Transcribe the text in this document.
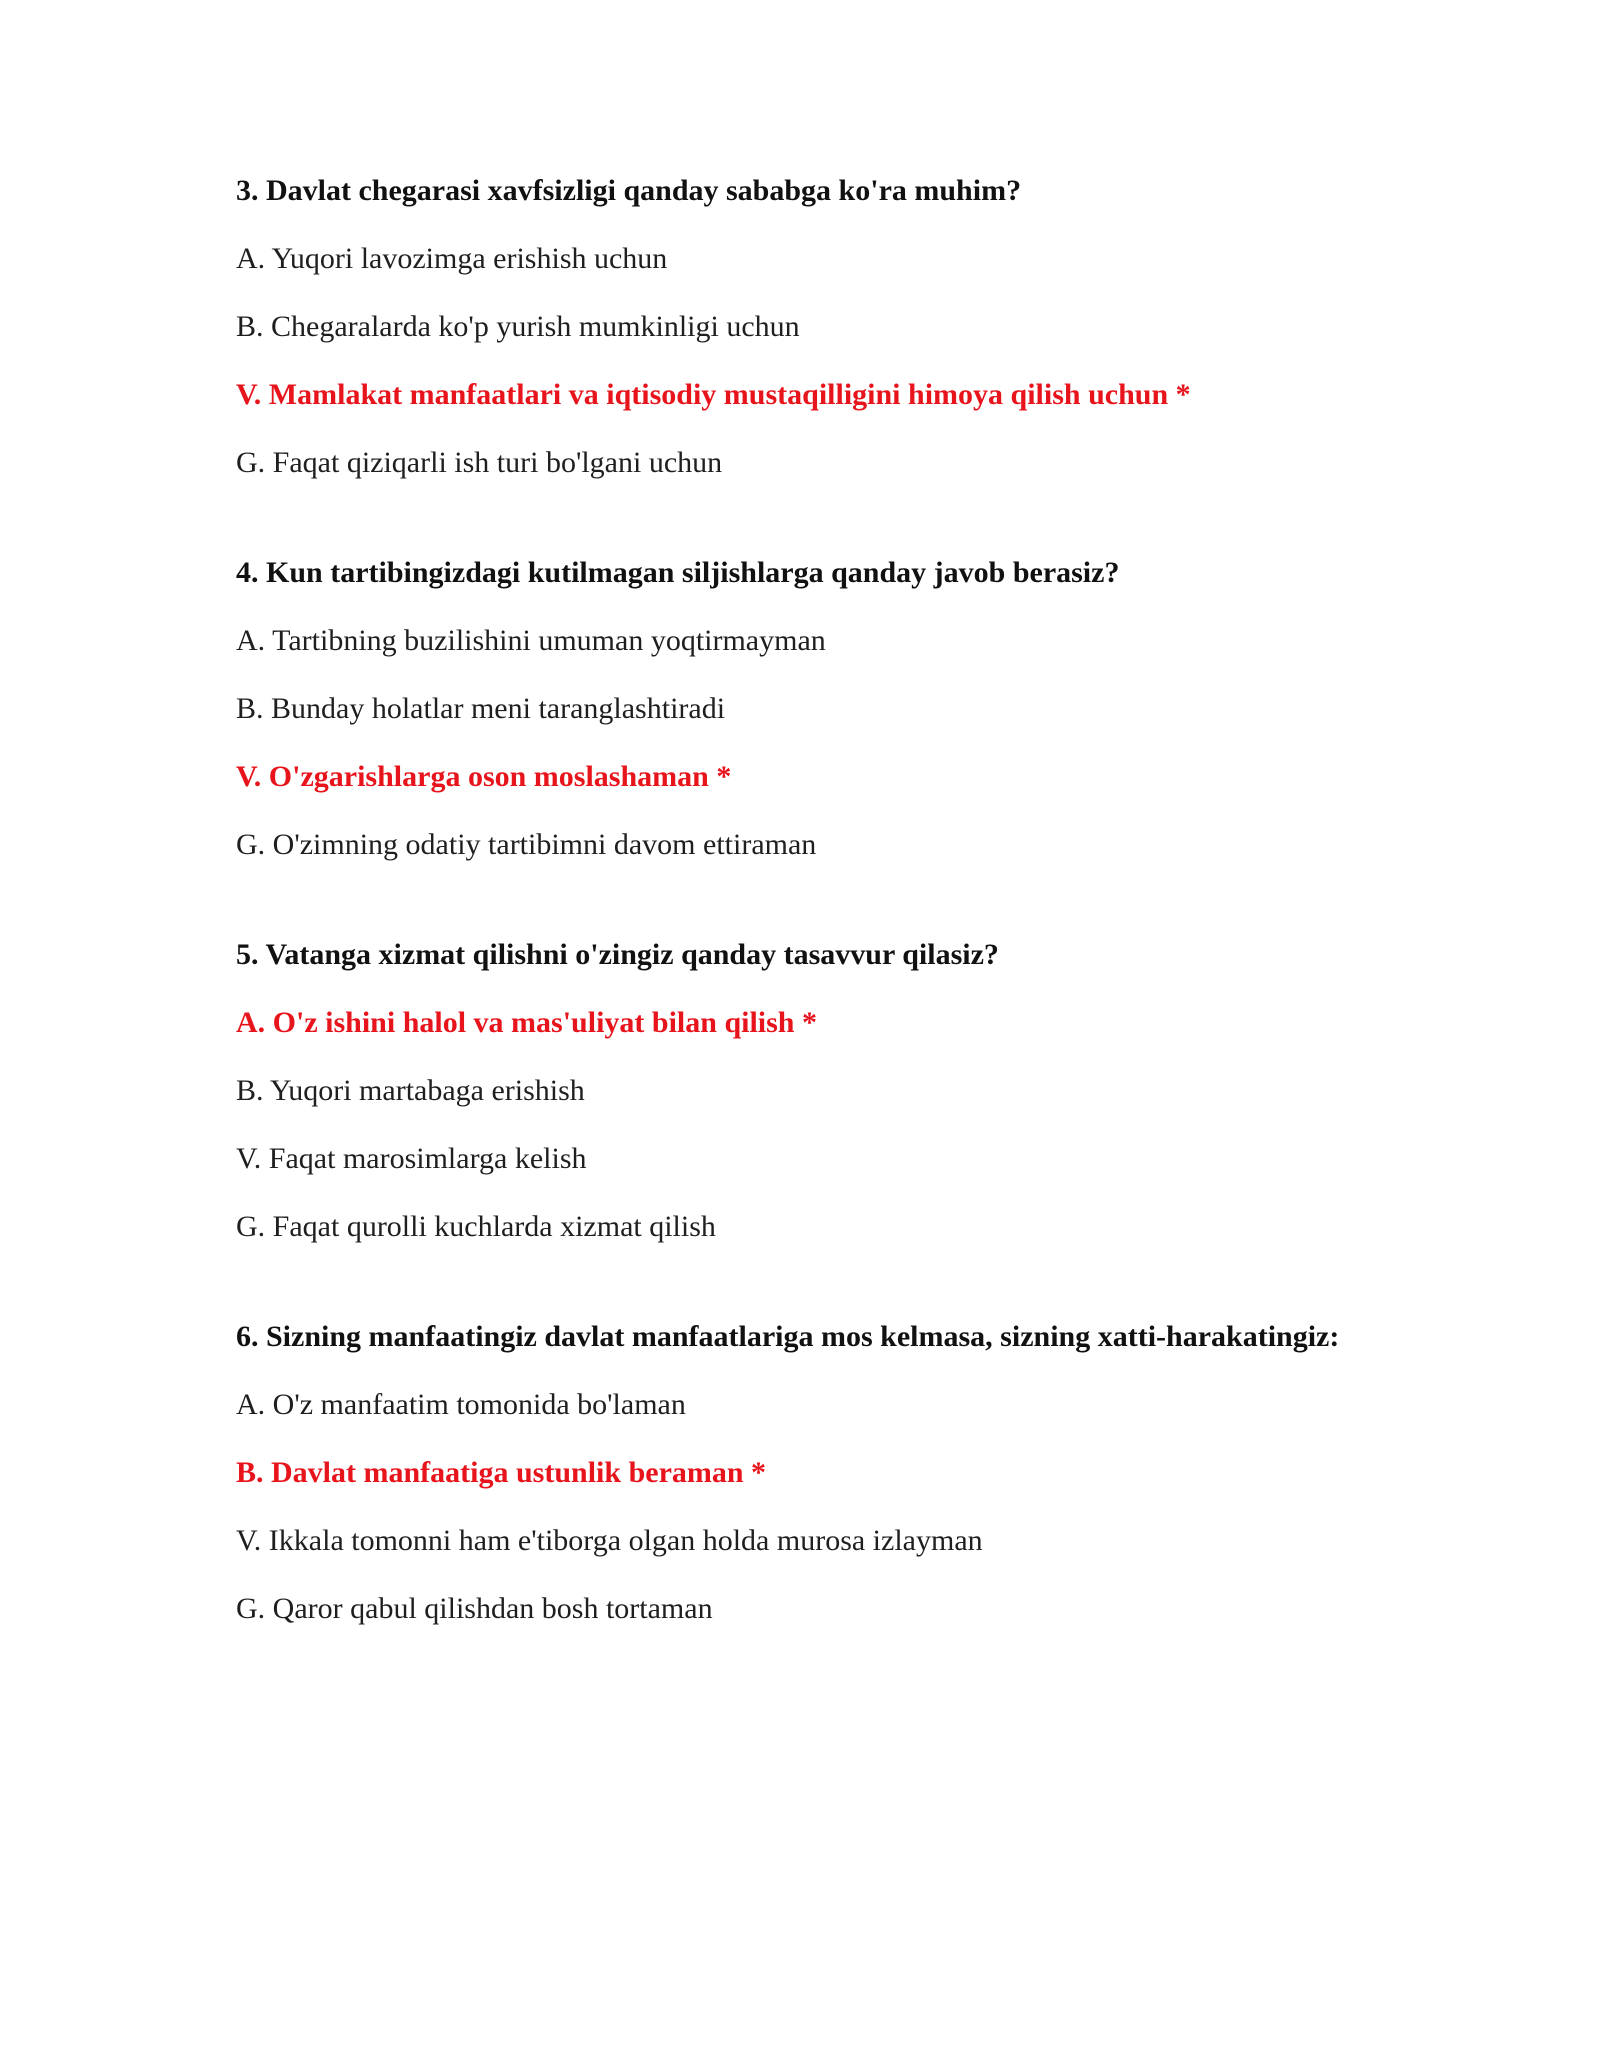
3. Davlat chegarasi xavfsizligi qanday sababga ko'ra muhim?

A. Yuqori lavozimga erishish uchun

B. Chegaralarda ko'p yurish mumkinligi uchun

V. Mamlakat manfaatlari va iqtisodiy mustaqilligini himoya qilish uchun *

G. Faqat qiziqarli ish turi bo'lgani uchun

4. Kun tartibingizdagi kutilmagan siljishlarga qanday javob berasiz?

A. Tartibning buzilishini umuman yoqtirmayman

B. Bunday holatlar meni taranglashtiradi

V. O'zgarishlarga oson moslashaman *

G. O'zimning odatiy tartibimni davom ettiraman

5. Vatanga xizmat qilishni o'zingiz qanday tasavvur qilasiz?

A. O'z ishini halol va mas'uliyat bilan qilish *

B. Yuqori martabaga erishish

V. Faqat marosimlarga kelish

G. Faqat qurolli kuchlarda xizmat qilish

6. Sizning manfaatingiz davlat manfaatlariga mos kelmasa, sizning xatti-harakatingiz:

A. O'z manfaatim tomonida bo'laman

B. Davlat manfaatiga ustunlik beraman *

V. Ikkala tomonni ham e'tiborga olgan holda murosa izlayman

G. Qaror qabul qilishdan bosh tortaman
